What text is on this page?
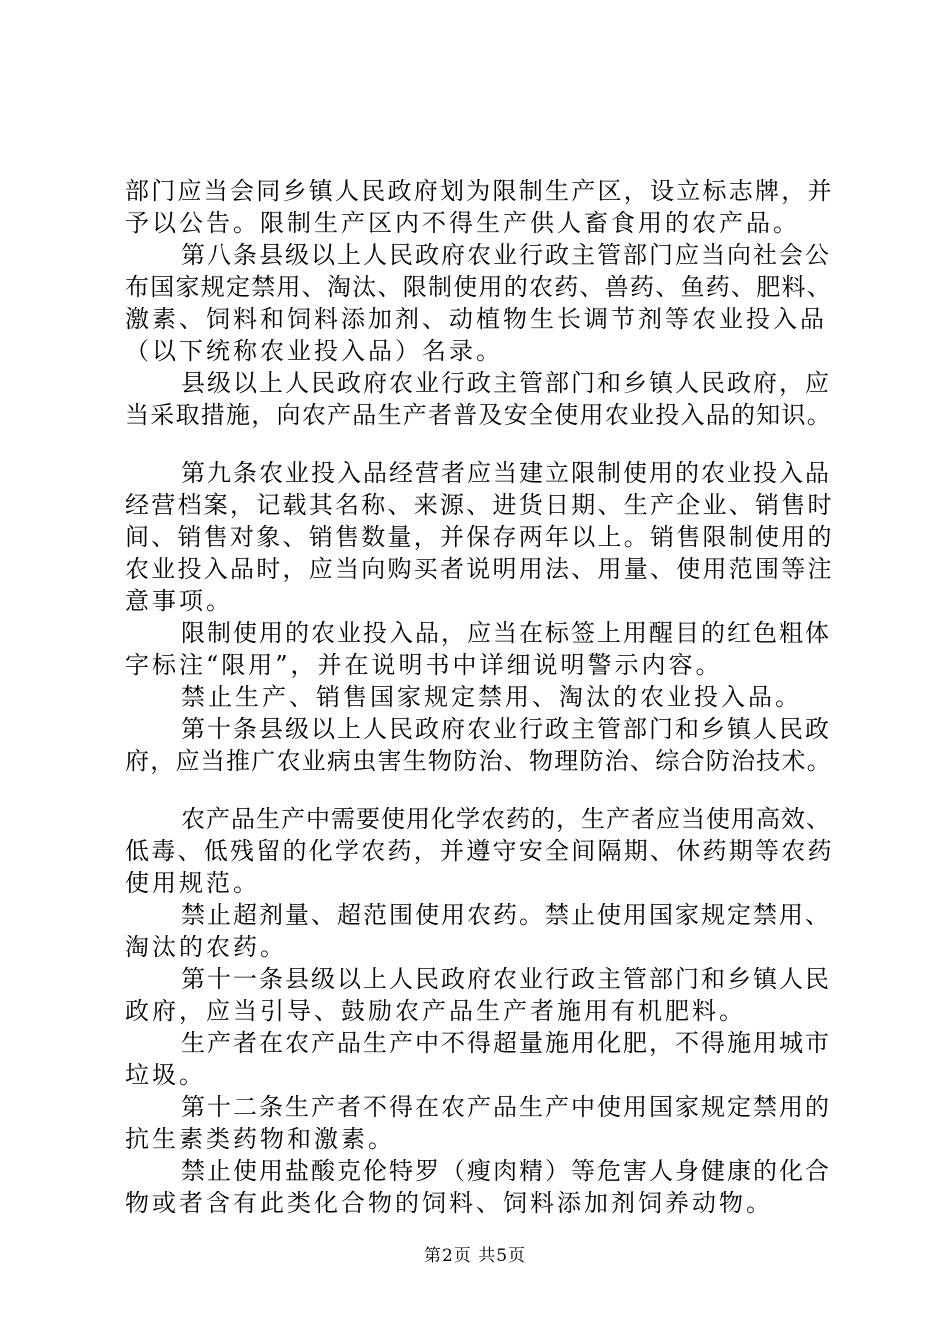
部门应当会同乡镇人民政府划为限制生产区，设立标志牌，并
予以公告。限制生产区内不得生产供人畜食用的农产品。
第八条县级以上人民政府农业行政主管部门应当向社会公
布国家规定禁用、淘汰、限制使用的农药、兽药、鱼药、肥料、
激素、饲料和饲料添加剂、动植物生长调节剂等农业投入品
（以下统称农业投入品）名录。
县级以上人民政府农业行政主管部门和乡镇人民政府，应
当采取措施，向农产品生产者普及安全使用农业投入品的知识。
第九条农业投入品经营者应当建立限制使用的农业投入品
经营档案，记载其名称、来源、进货日期、生产企业、销售时
间、销售对象、销售数量，并保存两年以上。销售限制使用的
农业投入品时，应当向购买者说明用法、用量、使用范围等注
意事项。
限制使用的农业投入品，应当在标签上用醒目的红色粗体
字标注“限用”，并在说明书中详细说明警示内容。
禁止生产、销售国家规定禁用、淘汰的农业投入品。
第十条县级以上人民政府农业行政主管部门和乡镇人民政
府，应当推广农业病虫害生物防治、物理防治、综合防治技术。
农产品生产中需要使用化学农药的，生产者应当使用高效、
低毒、低残留的化学农药，并遵守安全间隔期、休药期等农药
使用规范。
禁止超剂量、超范围使用农药。禁止使用国家规定禁用、
淘汰的农药。
第十一条县级以上人民政府农业行政主管部门和乡镇人民
政府，应当引导、鼓励农产品生产者施用有机肥料。
生产者在农产品生产中不得超量施用化肥，不得施用城市
垃圾。
第十二条生产者不得在农产品生产中使用国家规定禁用的
抗生素类药物和激素。
禁止使用盐酸克伦特罗（瘦肉精）等危害人身健康的化合
物或者含有此类化合物的饲料、饲料添加剂饲养动物。
第2页 共5页
